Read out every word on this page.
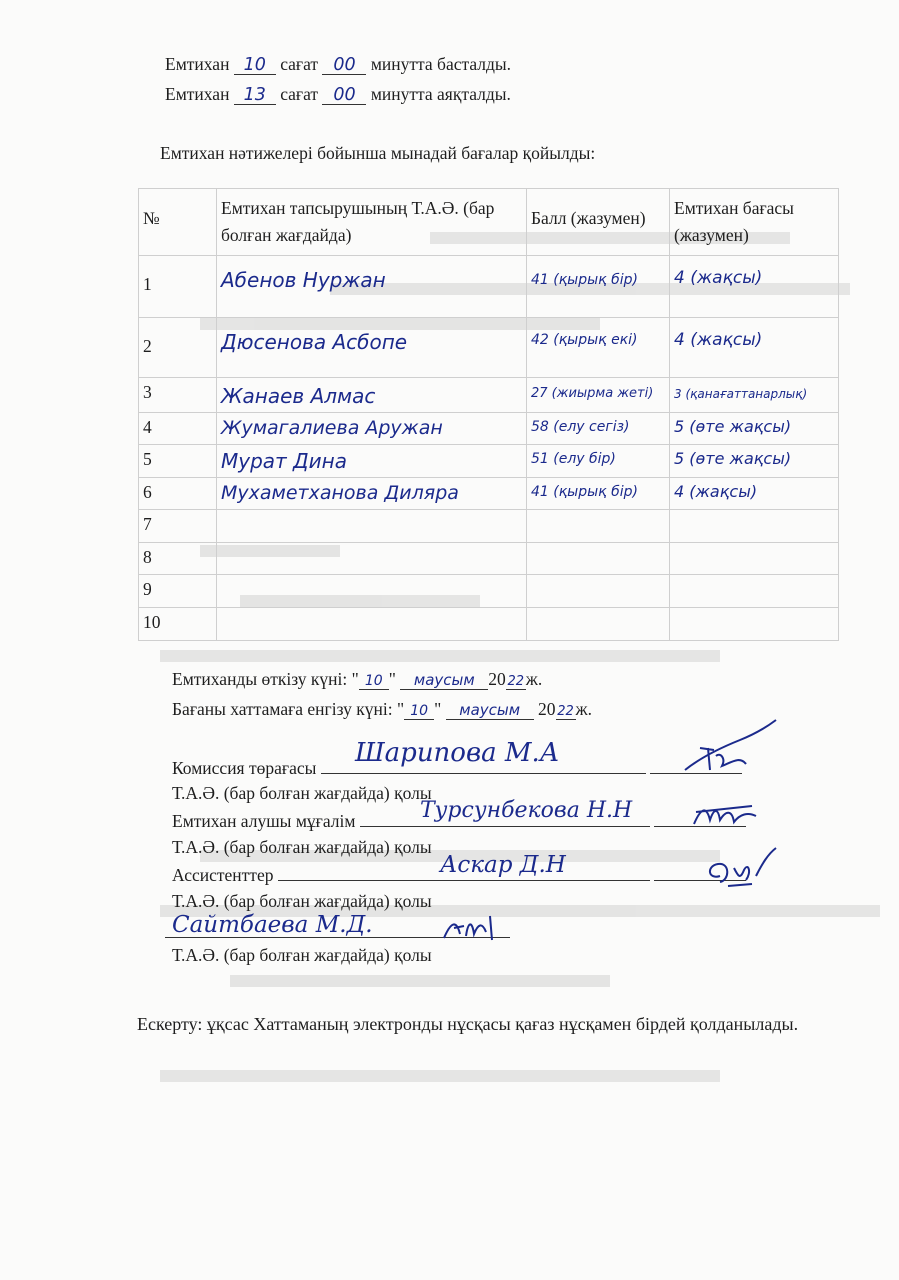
Емтихан 10 сағат 00 минутта басталды.
Емтихан 13 сағат 00 минутта аяқталды.
Емтихан нәтижелері бойынша мынадай бағалар қойылды:
№	Емтихан тапсырушының Т.А.Ә. (бар болған жағдайда)	Балл (жазумен)	Емтихан бағасы (жазумен)
1	Абенов Нуржан	41 (қырық бір)	4 (жақсы)
2	Дюсенова Асбопе	42 (қырық екі)	4 (жақсы)
3	Жанаев Алмас	27 (жиырма жеті)	3 (қанағаттанарлық)
4	Жумагалиева Аружан	58 (елу сегіз)	5 (өте жақсы)
5	Мурат Дина	51 (елу бір)	5 (өте жақсы)
6	Мухаметханова Диляра	41 (қырық бір)	4 (жақсы)
7			
8			
9			
10			
Емтиханды өткізу күні: " 10 " маусым 20 22ж.
Бағаны хаттамаға енгізу күні: " 10 " маусым 20 22ж.
Комиссия төрағасы	Шарипова М.А
Т.А.Ә. (бар болған жағдайда) қолы
Емтихан алушы мұғалім	Турсунбекова Н.Н
Т.А.Ә. (бар болған жағдайда) қолы
Ассистенттер	Аскар Д.Н
Т.А.Ә. (бар болған жағдайда) қолы
Сайтбаева М.Д.
Т.А.Ә. (бар болған жағдайда) қолы
Ескерту: ұқсас Хаттаманың электронды нұсқасы қағаз нұсқамен бірдей қолданылады.
